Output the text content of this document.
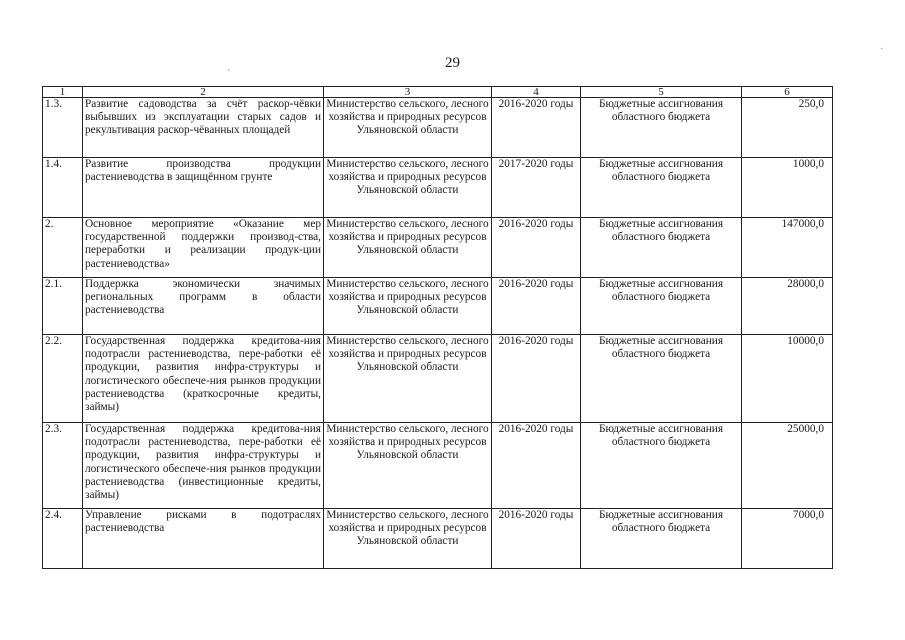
29
1	2	3	4	5	6
1.3.	Развитие садоводства за счёт раскор-чёвки выбывших из эксплуатации старых садов и рекультивация раскор-чёванных площадей	Министерство сельского, лесного хозяйства и природных ресурсов Ульяновской области	2016-2020 годы	Бюджетные ассигнования областного бюджета	250,0
1.4.	Развитие производства продукции растениеводства в защищённом грунте	Министерство сельского, лесного хозяйства и природных ресурсов Ульяновской области	2017-2020 годы	Бюджетные ассигнования областного бюджета	1000,0
2.	Основное мероприятие «Оказание мер государственной поддержки производ-ства, переработки и реализации продук-ции растениеводства»	Министерство сельского, лесного хозяйства и природных ресурсов Ульяновской области	2016-2020 годы	Бюджетные ассигнования областного бюджета	147000,0
2.1.	Поддержка экономически значимых региональных программ в области растениеводства	Министерство сельского, лесного хозяйства и природных ресурсов Ульяновской области	2016-2020 годы	Бюджетные ассигнования областного бюджета	28000,0
2.2.	Государственная поддержка кредитова-ния подотрасли растениеводства, пере-работки её продукции, развития инфра-структуры и логистического обеспече-ния рынков продукции растениеводства (краткосрочные кредиты, займы)	Министерство сельского, лесного хозяйства и природных ресурсов Ульяновской области	2016-2020 годы	Бюджетные ассигнования областного бюджета	10000,0
2.3.	Государственная поддержка кредитова-ния подотрасли растениеводства, пере-работки её продукции, развития инфра-структуры и логистического обеспече-ния рынков продукции растениеводства (инвестиционные кредиты, займы)	Министерство сельского, лесного хозяйства и природных ресурсов Ульяновской области	2016-2020 годы	Бюджетные ассигнования областного бюджета	25000,0
2.4.	Управление рисками в подотраслях растениеводства	Министерство сельского, лесного хозяйства и природных ресурсов Ульяновской области	2016-2020 годы	Бюджетные ассигнования областного бюджета	7000,0
'
·
